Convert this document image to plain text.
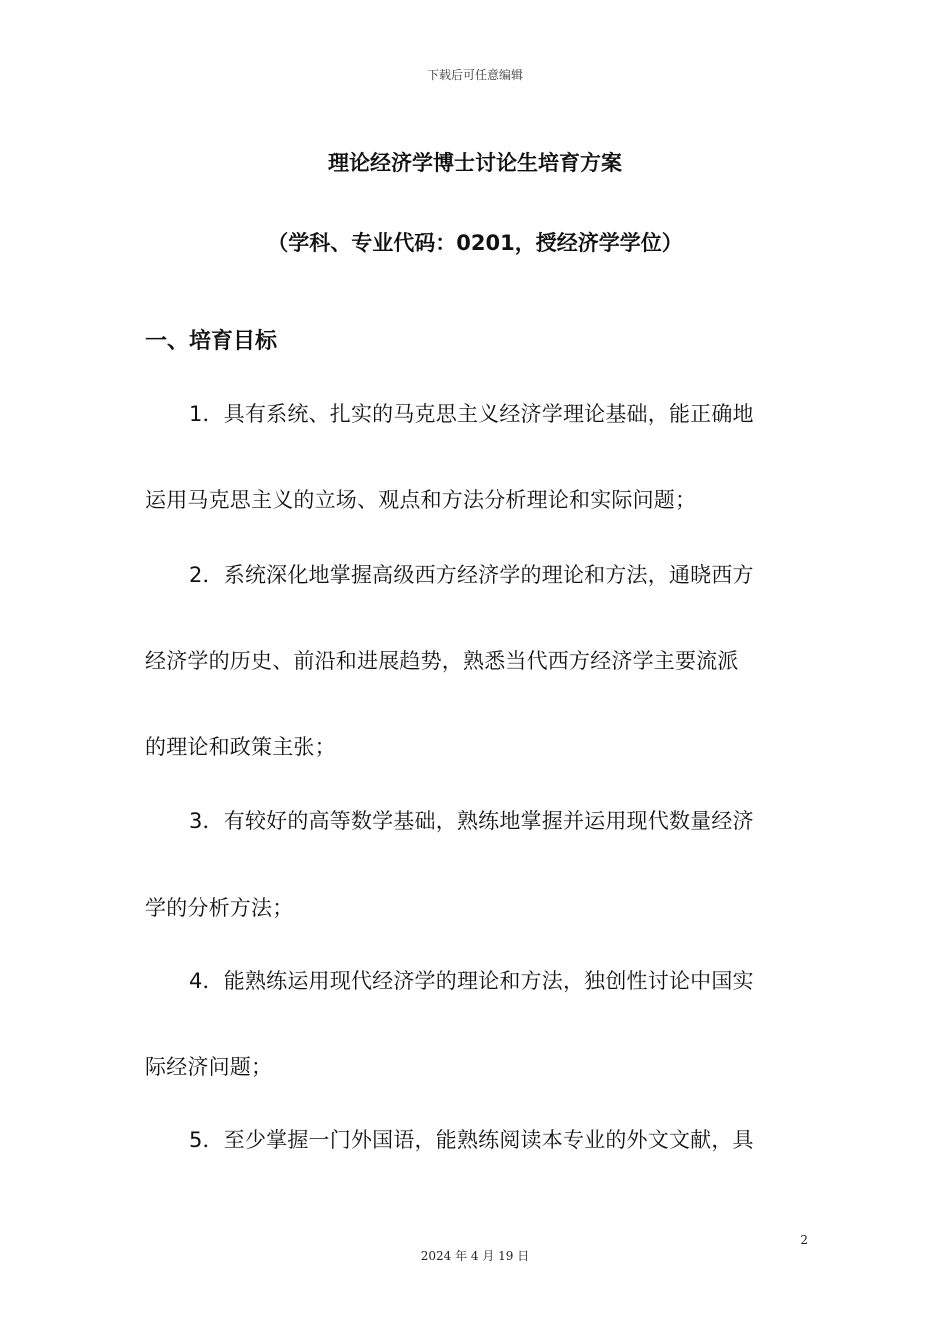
下载后可任意编辑
理论经济学博士讨论生培育方案
（学科、专业代码：0201，授经济学学位）
一、培育目标
1．具有系统、扎实的马克思主义经济学理论基础，能正确地
运用马克思主义的立场、观点和方法分析理论和实际问题；
2．系统深化地掌握高级西方经济学的理论和方法，通晓西方
经济学的历史、前沿和进展趋势，熟悉当代西方经济学主要流派
的理论和政策主张；
3．有较好的高等数学基础，熟练地掌握并运用现代数量经济
学的分析方法；
4．能熟练运用现代经济学的理论和方法，独创性讨论中国实
际经济问题；
5．至少掌握一门外国语，能熟练阅读本专业的外文文献，具
2
2024 年 4 月 19 日
